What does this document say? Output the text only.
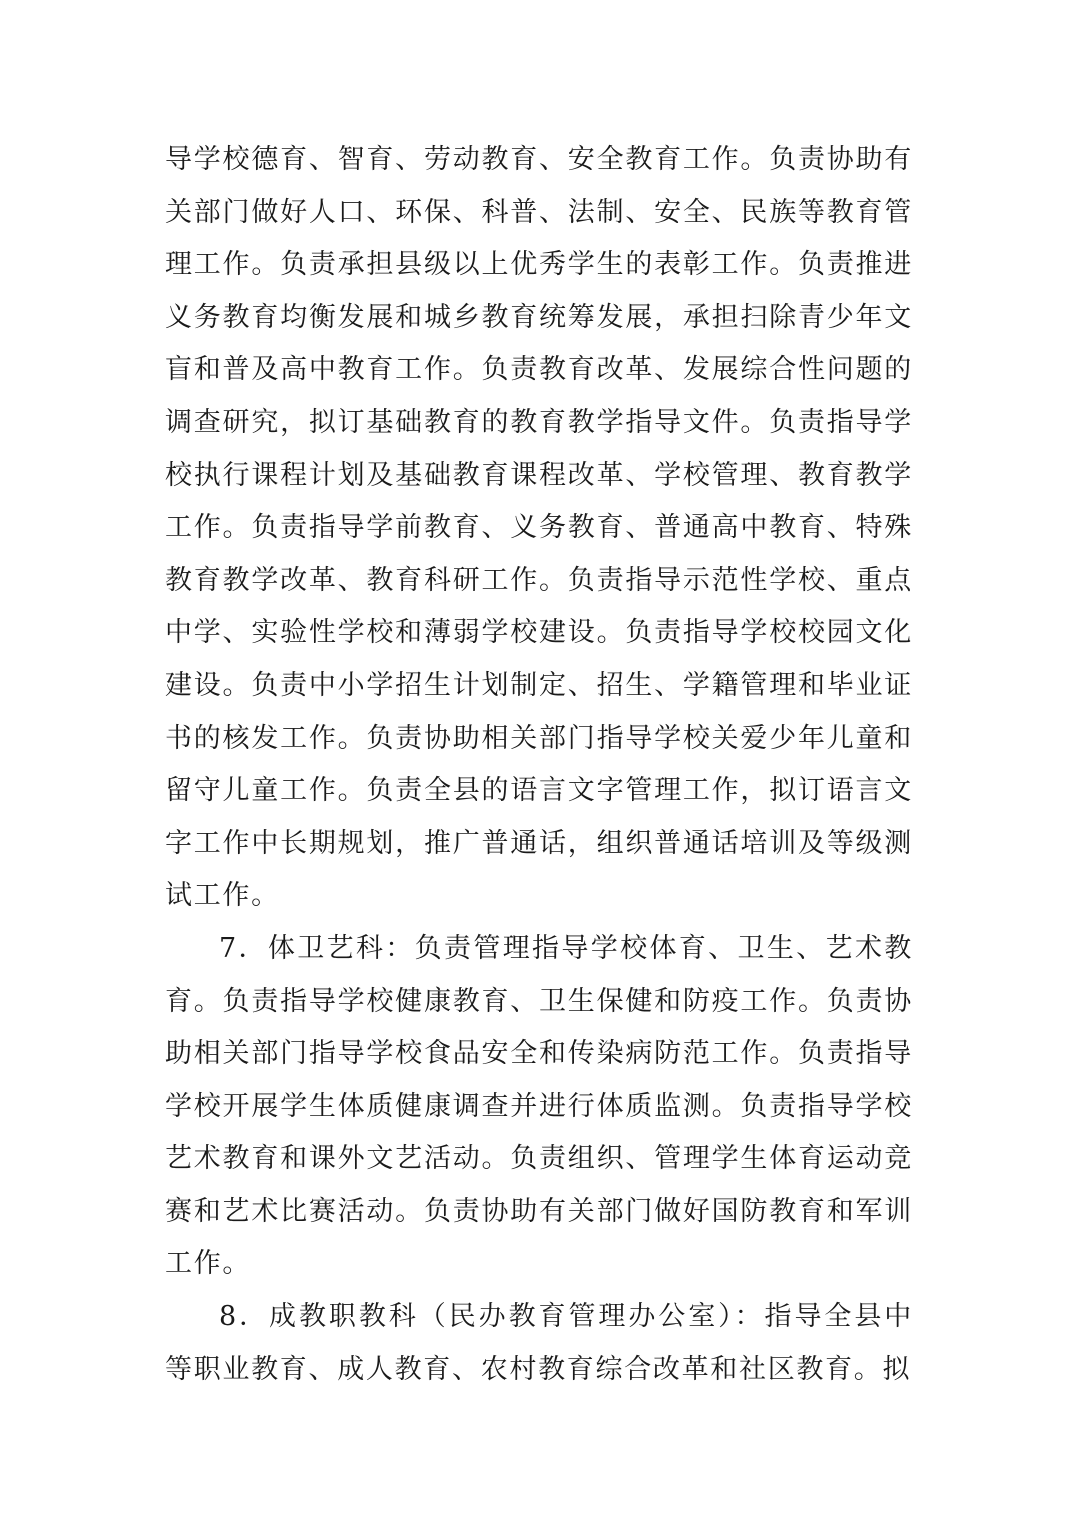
导学校德育、智育、劳动教育、安全教育工作。负责协助有关部门做好人口、环保、科普、法制、安全、民族等教育管理工作。负责承担县级以上优秀学生的表彰工作。负责推进义务教育均衡发展和城乡教育统筹发展，承担扫除青少年文盲和普及高中教育工作。负责教育改革、发展综合性问题的调查研究，拟订基础教育的教育教学指导文件。负责指导学校执行课程计划及基础教育课程改革、学校管理、教育教学工作。负责指导学前教育、义务教育、普通高中教育、特殊教育教学改革、教育科研工作。负责指导示范性学校、重点中学、实验性学校和薄弱学校建设。负责指导学校校园文化建设。负责中小学招生计划制定、招生、学籍管理和毕业证书的核发工作。负责协助相关部门指导学校关爱少年儿童和留守儿童工作。负责全县的语言文字管理工作，拟订语言文字工作中长期规划，推广普通话，组织普通话培训及等级测试工作。

7．体卫艺科：负责管理指导学校体育、卫生、艺术教育。负责指导学校健康教育、卫生保健和防疫工作。负责协助相关部门指导学校食品安全和传染病防范工作。负责指导学校开展学生体质健康调查并进行体质监测。负责指导学校艺术教育和课外文艺活动。负责组织、管理学生体育运动竞赛和艺术比赛活动。负责协助有关部门做好国防教育和军训工作。

8．成教职教科（民办教育管理办公室）：指导全县中等职业教育、成人教育、农村教育综合改革和社区教育。拟
